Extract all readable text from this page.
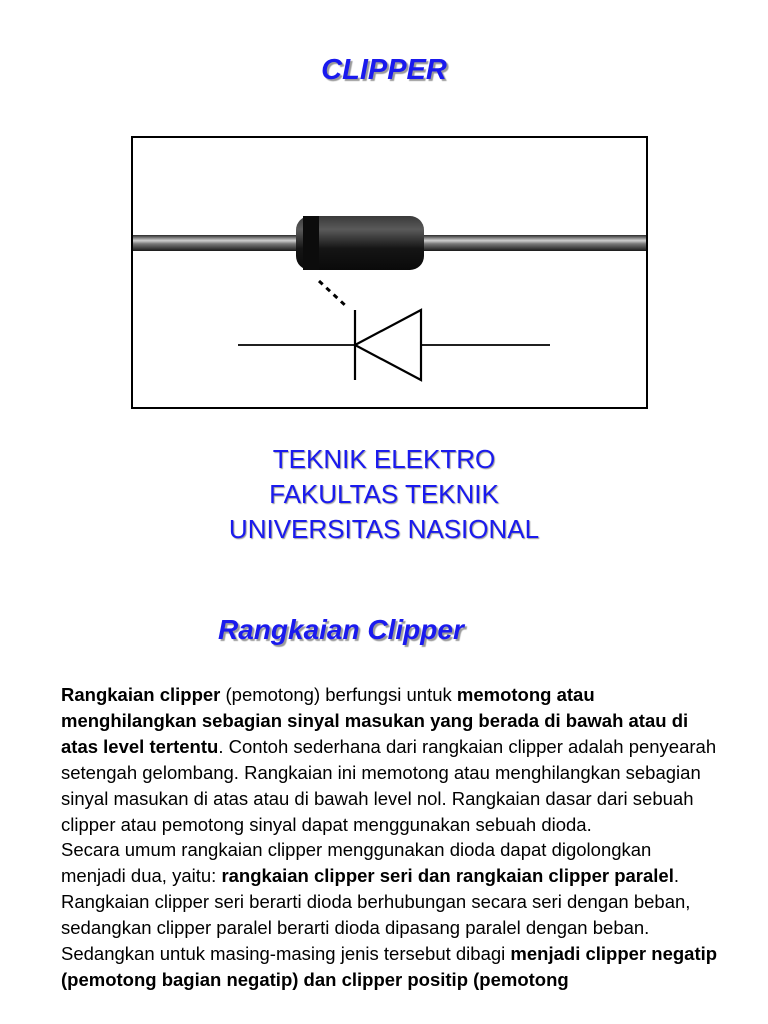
CLIPPER
TEKNIK ELEKTRO
FAKULTAS TEKNIK
UNIVERSITAS NASIONAL
Rangkaian Clipper

Rangkaian clipper (pemotong) berfungsi untuk memotong atau menghilangkan sebagian sinyal masukan yang berada di bawah atau di atas level tertentu. Contoh sederhana dari rangkaian clipper adalah penyearah setengah gelombang. Rangkaian ini memotong atau menghilangkan sebagian sinyal masukan di atas atau di bawah level nol. Rangkaian dasar dari sebuah clipper atau pemotong sinyal dapat menggunakan sebuah dioda.

Secara umum rangkaian clipper menggunakan dioda dapat digolongkan menjadi dua, yaitu: rangkaian clipper seri dan rangkaian clipper paralel. Rangkaian clipper seri berarti dioda berhubungan secara seri dengan beban, sedangkan clipper paralel berarti dioda dipasang paralel dengan beban. Sedangkan untuk masing-masing jenis tersebut dibagi menjadi clipper negatip (pemotong bagian negatip) dan clipper positip (pemotong
